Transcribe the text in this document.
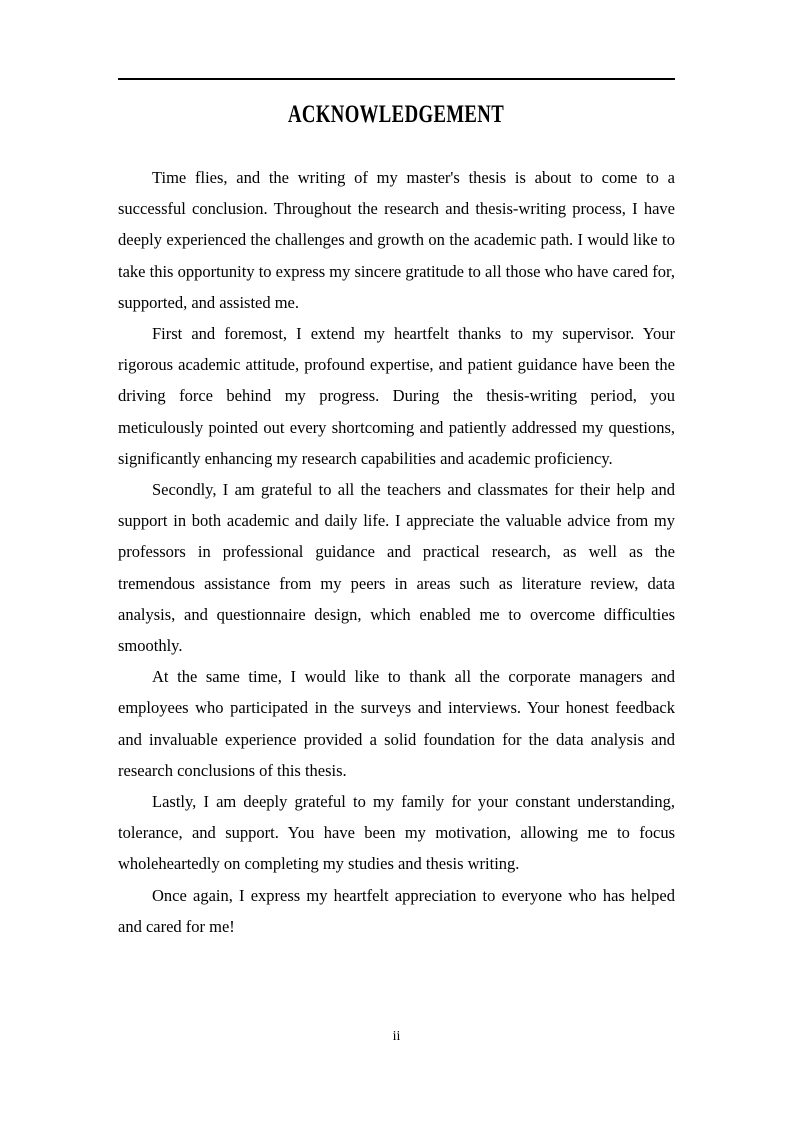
ACKNOWLEDGEMENT

Time flies, and the writing of my master's thesis is about to come to a successful conclusion. Throughout the research and thesis-writing process, I have deeply experienced the challenges and growth on the academic path. I would like to take this opportunity to express my sincere gratitude to all those who have cared for, supported, and assisted me.

First and foremost, I extend my heartfelt thanks to my supervisor. Your rigorous academic attitude, profound expertise, and patient guidance have been the driving force behind my progress. During the thesis-writing period, you meticulously pointed out every shortcoming and patiently addressed my questions, significantly enhancing my research capabilities and academic proficiency.

Secondly, I am grateful to all the teachers and classmates for their help and support in both academic and daily life. I appreciate the valuable advice from my professors in professional guidance and practical research, as well as the tremendous assistance from my peers in areas such as literature review, data analysis, and questionnaire design, which enabled me to overcome difficulties smoothly.

At the same time, I would like to thank all the corporate managers and employees who participated in the surveys and interviews. Your honest feedback and invaluable experience provided a solid foundation for the data analysis and research conclusions of this thesis.

Lastly, I am deeply grateful to my family for your constant understanding, tolerance, and support. You have been my motivation, allowing me to focus wholeheartedly on completing my studies and thesis writing.

Once again, I express my heartfelt appreciation to everyone who has helped and cared for me!

ii
